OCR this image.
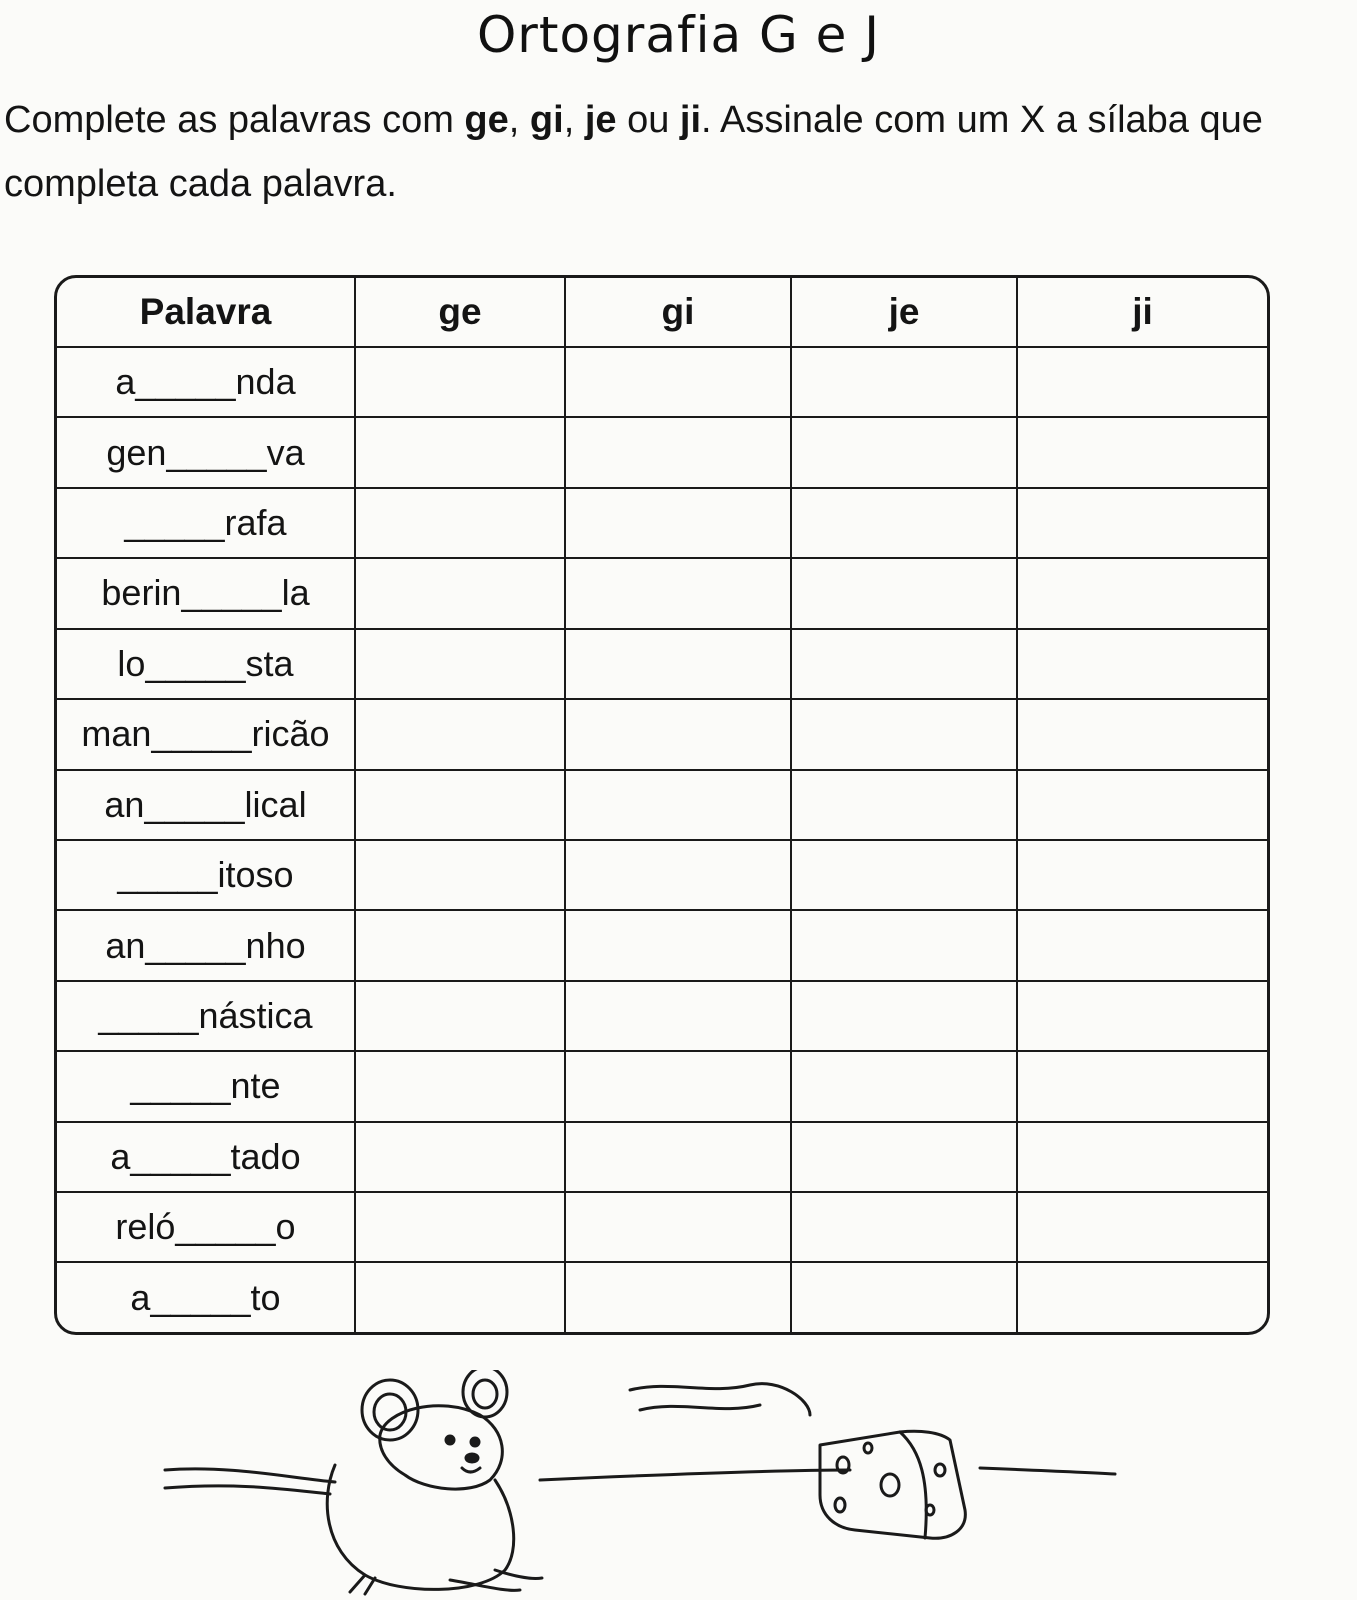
Ortografia G e J

Complete as palavras com ge, gi, je ou ji. Assinale com um X a sílaba que completa cada palavra.

Palavra	ge	gi	je	ji
a_____nda				
gen_____va				
_____rafa				
berin_____la				
lo_____sta				
man_____ricão				
an_____lical				
_____itoso				
an_____nho				
_____nástica				
_____nte				
a_____tado				
reló_____o				
a_____to				
